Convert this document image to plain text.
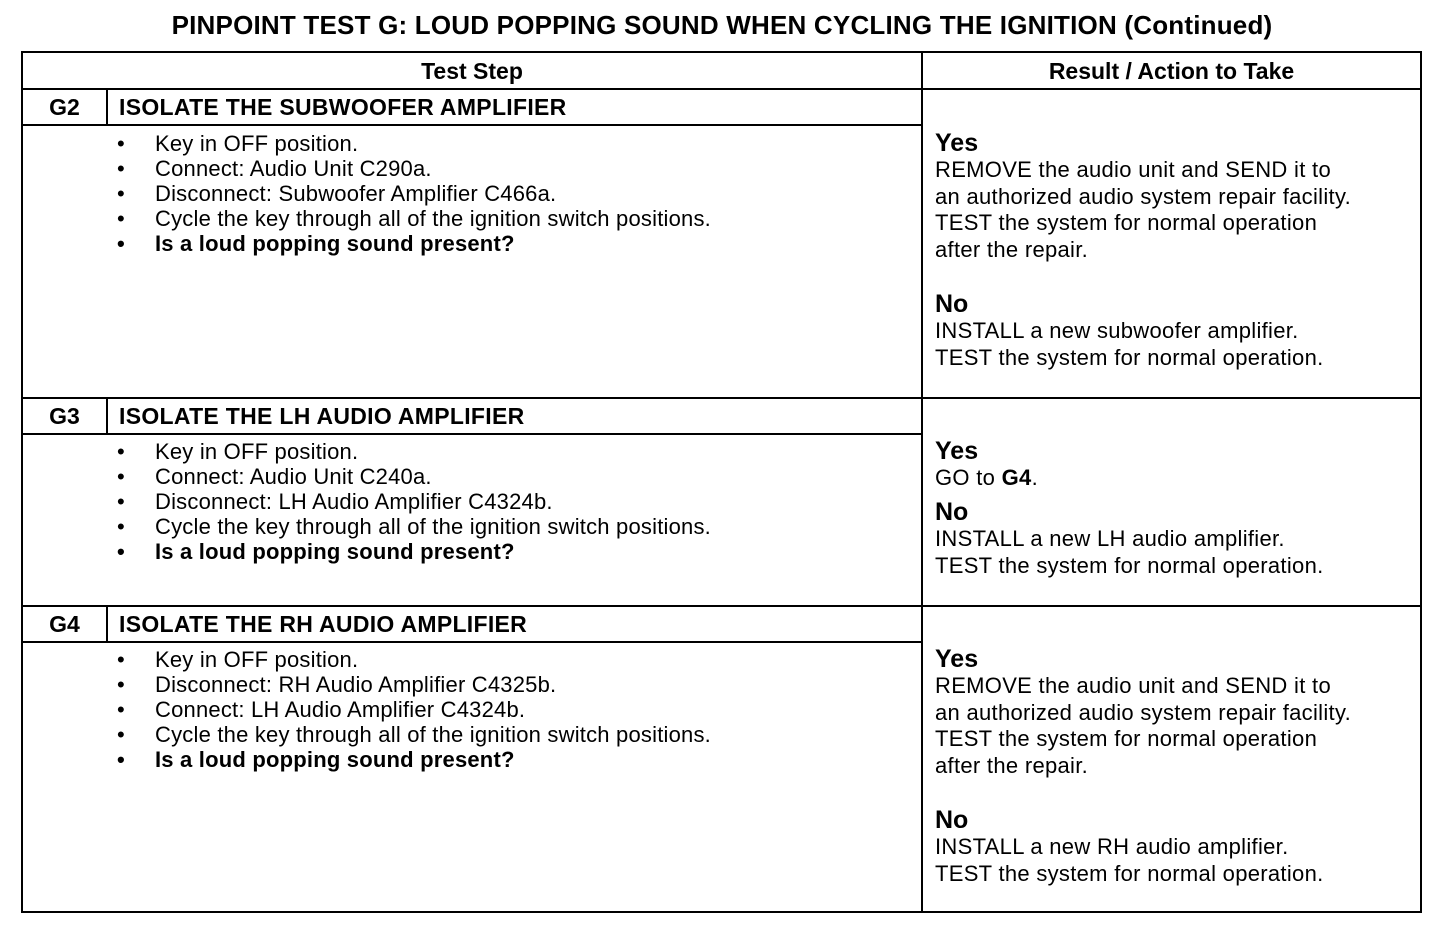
PINPOINT TEST G: LOUD POPPING SOUND WHEN CYCLING THE IGNITION (Continued)
Test Step	Result / Action to Take
G2	ISOLATE THE SUBWOOFER AMPLIFIER
• Key in OFF position.
• Connect: Audio Unit C290a.
• Disconnect: Subwoofer Amplifier C466a.
• Cycle the key through all of the ignition switch positions.
• Is a loud popping sound present?
Yes
REMOVE the audio unit and SEND it to
an authorized audio system repair facility.
TEST the system for normal operation
after the repair.
No
INSTALL a new subwoofer amplifier.
TEST the system for normal operation.
G3	ISOLATE THE LH AUDIO AMPLIFIER
• Key in OFF position.
• Connect: Audio Unit C240a.
• Disconnect: LH Audio Amplifier C4324b.
• Cycle the key through all of the ignition switch positions.
• Is a loud popping sound present?
Yes
GO to G4.
No
INSTALL a new LH audio amplifier.
TEST the system for normal operation.
G4	ISOLATE THE RH AUDIO AMPLIFIER
• Key in OFF position.
• Disconnect: RH Audio Amplifier C4325b.
• Connect: LH Audio Amplifier C4324b.
• Cycle the key through all of the ignition switch positions.
• Is a loud popping sound present?
Yes
REMOVE the audio unit and SEND it to
an authorized audio system repair facility.
TEST the system for normal operation
after the repair.
No
INSTALL a new RH audio amplifier.
TEST the system for normal operation.
